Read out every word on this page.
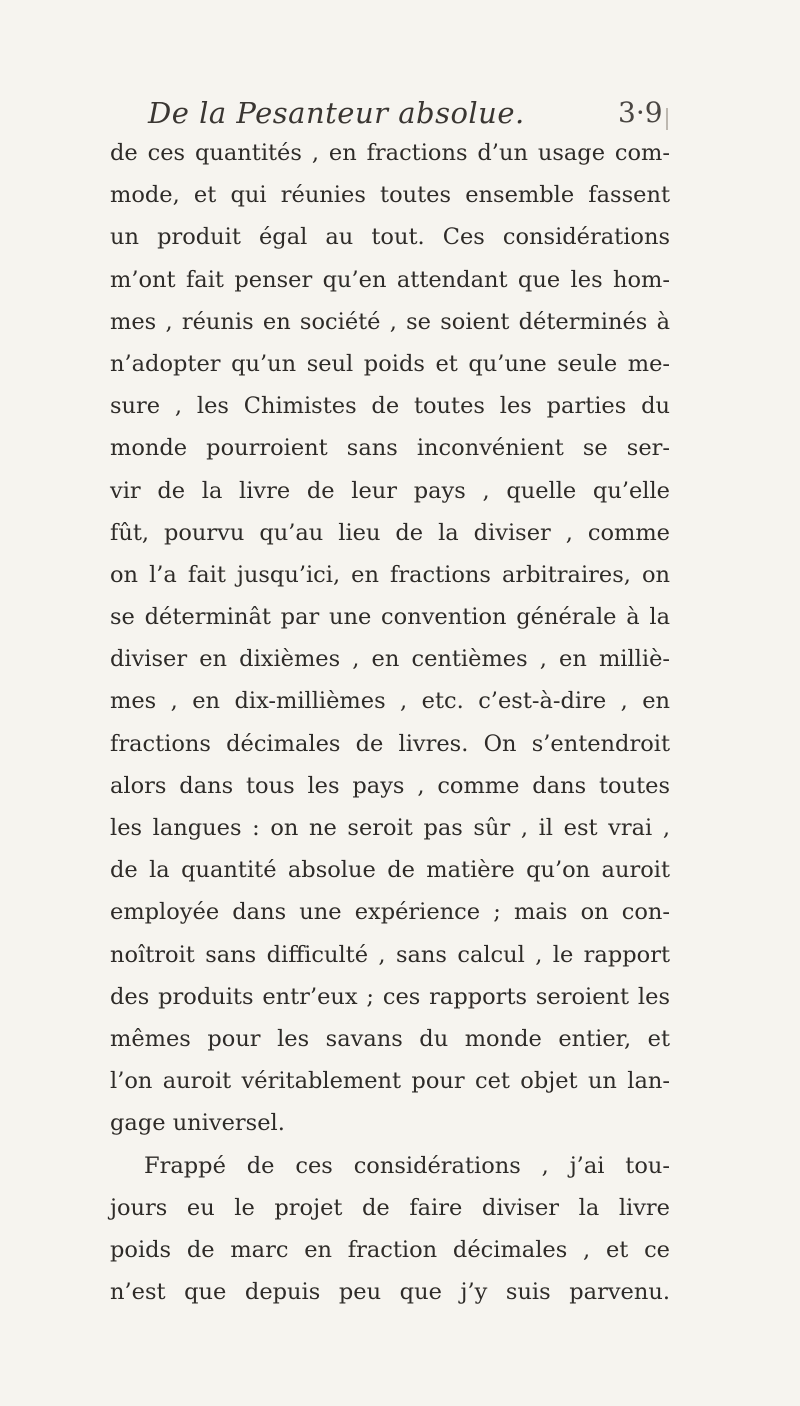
De la Pesanteur absolue.	3·9
de ces quantités , en fractions d’un usage com-
mode, et qui réunies toutes ensemble fassent
un produit égal au tout. Ces considérations
m’ont fait penser qu’en attendant que les hom-
mes , réunis en société , se soient déterminés à
n’adopter qu’un seul poids et qu’une seule me-
sure , les Chimistes de toutes les parties du
monde pourroient sans inconvénient se ser-
vir de la livre de leur pays , quelle qu’elle
fût, pourvu qu’au lieu de la diviser , comme
on l’a fait jusqu’ici, en fractions arbitraires, on
se déterminât par une convention générale à la
diviser en dixièmes , en centièmes , en milliè-
mes , en dix-millièmes , etc. c’est-à-dire , en
fractions décimales de livres. On s’entendroit
alors dans tous les pays , comme dans toutes
les langues : on ne seroit pas sûr , il est vrai ,
de la quantité absolue de matière qu’on auroit
employée dans une expérience ; mais on con-
noîtroit sans difficulté , sans calcul , le rapport
des produits entr’eux ; ces rapports seroient les
mêmes pour les savans du monde entier, et
l’on auroit véritablement pour cet objet un lan-
gage universel.
Frappé de ces considérations , j’ai tou-
jours eu le projet de faire diviser la livre
poids de marc en fraction décimales , et ce
n’est que depuis peu que j’y suis parvenu.
